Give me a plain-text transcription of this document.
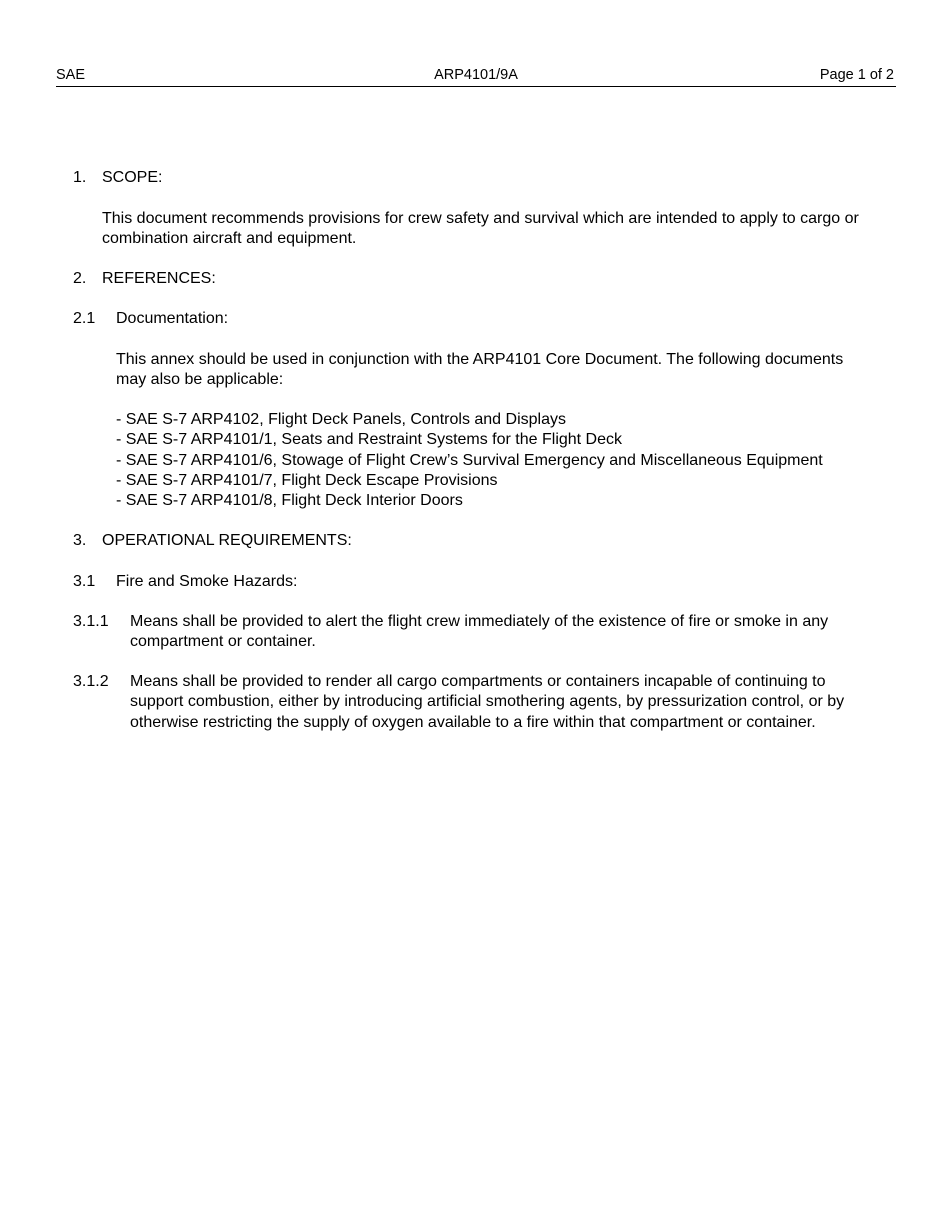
SAE	ARP4101/9A	Page 1 of 2
1. SCOPE:
This document recommends provisions for crew safety and survival which are intended to apply to cargo or combination aircraft and equipment.
2. REFERENCES:
2.1 Documentation:
This annex should be used in conjunction with the ARP4101 Core Document. The following documents may also be applicable:
- SAE S-7 ARP4102, Flight Deck Panels, Controls and Displays
- SAE S-7 ARP4101/1, Seats and Restraint Systems for the Flight Deck
- SAE S-7 ARP4101/6, Stowage of Flight Crew’s Survival Emergency and Miscellaneous Equipment
- SAE S-7 ARP4101/7, Flight Deck Escape Provisions
- SAE S-7 ARP4101/8, Flight Deck Interior Doors
3. OPERATIONAL REQUIREMENTS:
3.1 Fire and Smoke Hazards:
3.1.1 Means shall be provided to alert the flight crew immediately of the existence of fire or smoke in any compartment or container.
3.1.2 Means shall be provided to render all cargo compartments or containers incapable of continuing to support combustion, either by introducing artificial smothering agents, by pressurization control, or by otherwise restricting the supply of oxygen available to a fire within that compartment or container.
